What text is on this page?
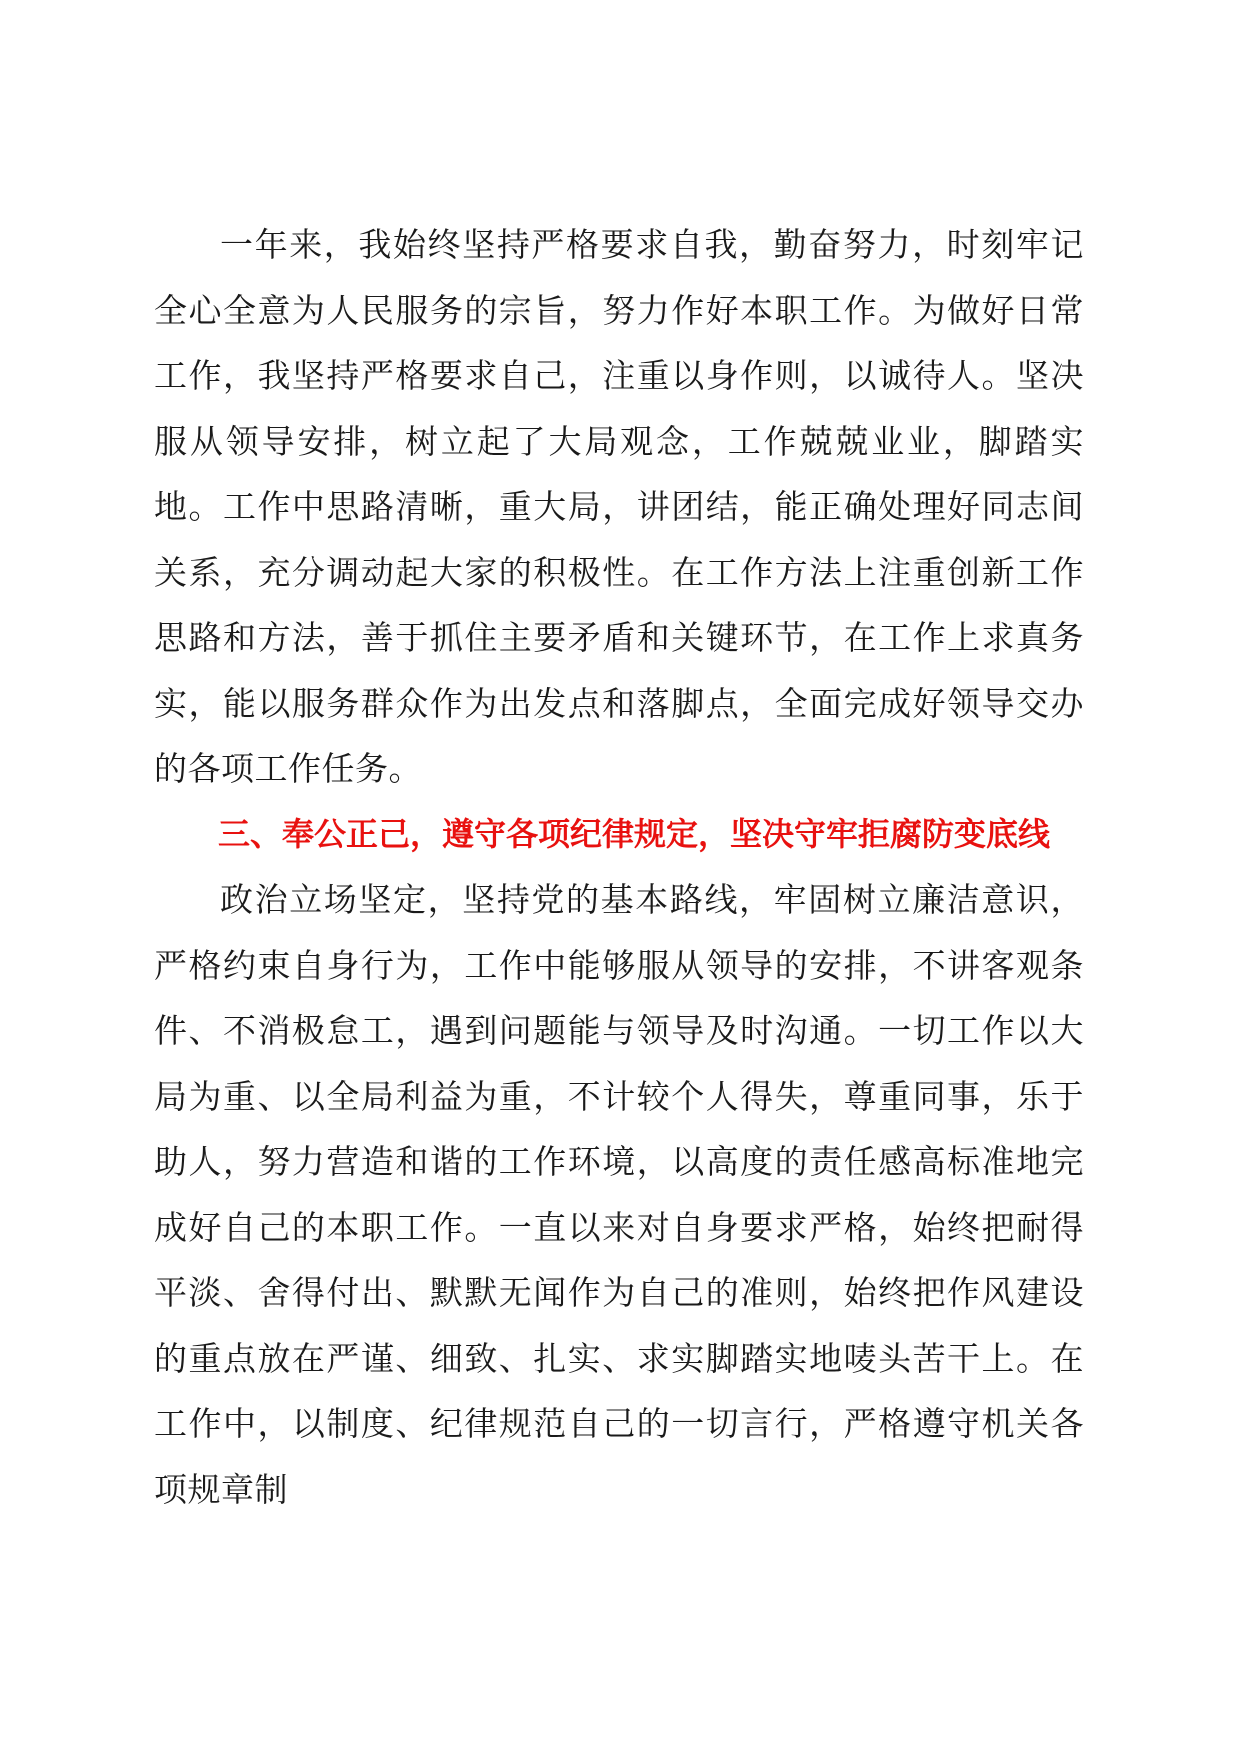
一年来，我始终坚持严格要求自我，勤奋努力，时刻牢记全心全意为人民服务的宗旨，努力作好本职工作。为做好日常工作，我坚持严格要求自己，注重以身作则，以诚待人。坚决服从领导安排，树立起了大局观念，工作兢兢业业，脚踏实地。工作中思路清晰，重大局，讲团结，能正确处理好同志间关系，充分调动起大家的积极性。在工作方法上注重创新工作思路和方法，善于抓住主要矛盾和关键环节，在工作上求真务实，能以服务群众作为出发点和落脚点，全面完成好领导交办的各项工作任务。

三、奉公正己，遵守各项纪律规定，坚决守牢拒腐防变底线

政治立场坚定，坚持党的基本路线，牢固树立廉洁意识，严格约束自身行为，工作中能够服从领导的安排，不讲客观条件、不消极怠工，遇到问题能与领导及时沟通。一切工作以大局为重、以全局利益为重，不计较个人得失，尊重同事，乐于助人，努力营造和谐的工作环境，以高度的责任感高标准地完成好自己的本职工作。一直以来对自身要求严格，始终把耐得平淡、舍得付出、默默无闻作为自己的准则，始终把作风建设的重点放在严谨、细致、扎实、求实脚踏实地唛头苦干上。在工作中，以制度、纪律规范自己的一切言行，严格遵守机关各项规章制
